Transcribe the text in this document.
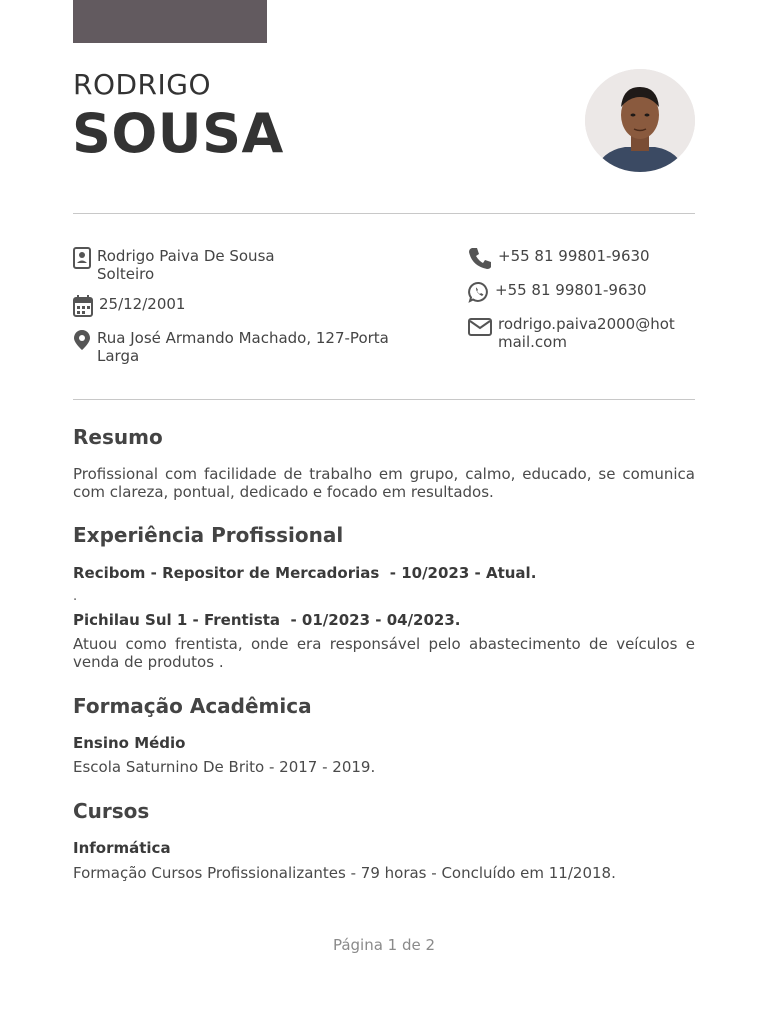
RODRIGO
SOUSA
Rodrigo Paiva De Sousa
Solteiro
25/12/2001
Rua José Armando Machado, 127-Porta
Larga
+55 81 99801-9630
+55 81 99801-9630
rodrigo.paiva2000@hot
mail.com
Resumo
Profissional com facilidade de trabalho em grupo, calmo, educado, se comunica com clareza, pontual, dedicado e focado em resultados.
Experiência Profissional
Recibom - Repositor de Mercadorias  - 10/2023 - Atual.
.
Pichilau Sul 1 - Frentista  - 01/2023 - 04/2023.
Atuou como frentista, onde era responsável pelo abastecimento de veículos e venda de produtos .
Formação Acadêmica
Ensino Médio
Escola Saturnino De Brito - 2017 - 2019.
Cursos
Informática
Formação Cursos Profissionalizantes - 79 horas - Concluído em 11/2018.
Página 1 de 2
